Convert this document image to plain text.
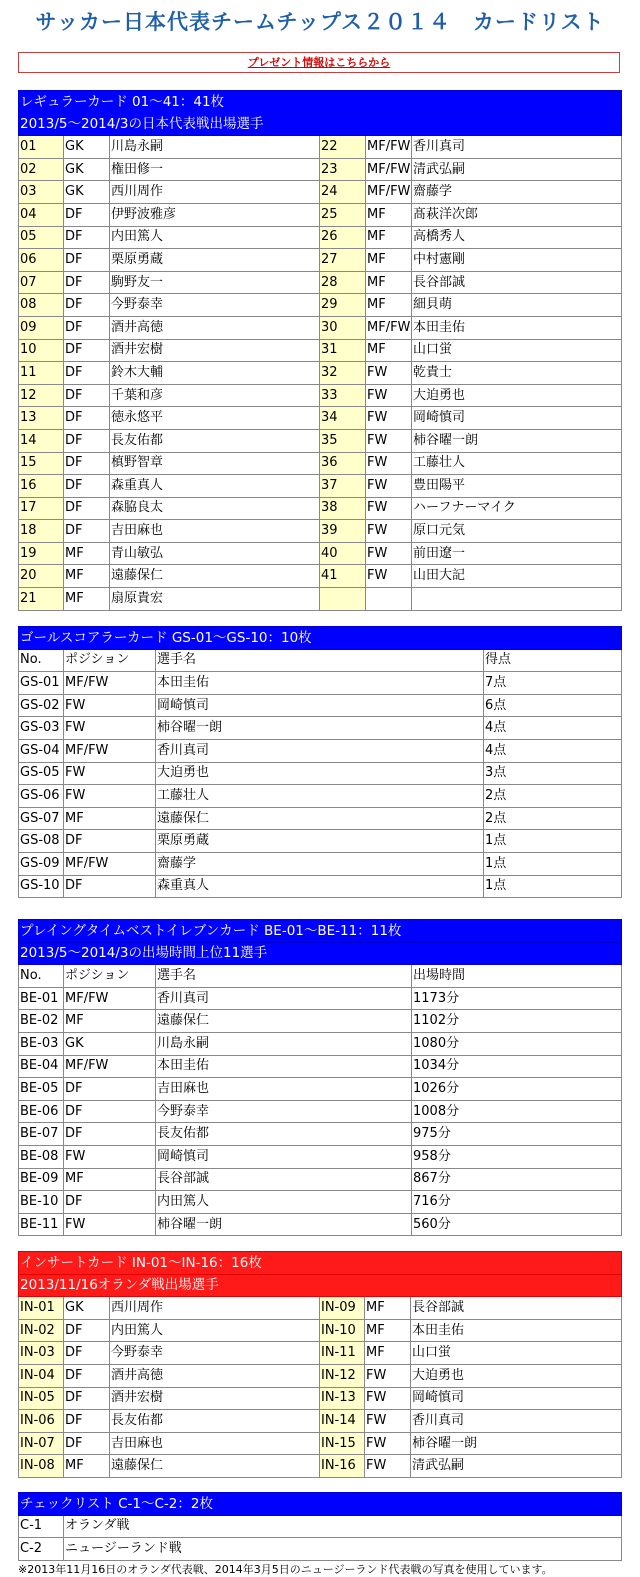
サッカー日本代表チームチップス２０１４　カードリスト
プレゼント情報はこちらから
レギュラーカード 01～41：41枚					
2013/5～2014/3の日本代表戦出場選手					
01	GK	川島永嗣	22	MF/FW	香川真司
02	GK	権田修一	23	MF/FW	清武弘嗣
03	GK	西川周作	24	MF/FW	齋藤学
04	DF	伊野波雅彦	25	MF	髙萩洋次郎
05	DF	内田篤人	26	MF	高橋秀人
06	DF	栗原勇蔵	27	MF	中村憲剛
07	DF	駒野友一	28	MF	長谷部誠
08	DF	今野泰幸	29	MF	細貝萌
09	DF	酒井高徳	30	MF/FW	本田圭佑
10	DF	酒井宏樹	31	MF	山口蛍
11	DF	鈴木大輔	32	FW	乾貴士
12	DF	千葉和彦	33	FW	大迫勇也
13	DF	徳永悠平	34	FW	岡崎慎司
14	DF	長友佑都	35	FW	柿谷曜一朗
15	DF	槙野智章	36	FW	工藤壮人
16	DF	森重真人	37	FW	豊田陽平
17	DF	森脇良太	38	FW	ハーフナーマイク
18	DF	吉田麻也	39	FW	原口元気
19	MF	青山敏弘	40	FW	前田遼一
20	MF	遠藤保仁	41	FW	山田大記
21	MF	扇原貴宏			
ゴールスコアラーカード GS-01～GS-10：10枚			
No.	ポジション	選手名	得点
GS-01	MF/FW	本田圭佑	7点
GS-02	FW	岡崎慎司	6点
GS-03	FW	柿谷曜一朗	4点
GS-04	MF/FW	香川真司	4点
GS-05	FW	大迫勇也	3点
GS-06	FW	工藤壮人	2点
GS-07	MF	遠藤保仁	2点
GS-08	DF	栗原勇蔵	1点
GS-09	MF/FW	齋藤学	1点
GS-10	DF	森重真人	1点
プレイングタイムベストイレブンカード BE-01～BE-11：11枚			
2013/5～2014/3の出場時間上位11選手			
No.	ポジション	選手名	出場時間
BE-01	MF/FW	香川真司	1173分
BE-02	MF	遠藤保仁	1102分
BE-03	GK	川島永嗣	1080分
BE-04	MF/FW	本田圭佑	1034分
BE-05	DF	吉田麻也	1026分
BE-06	DF	今野泰幸	1008分
BE-07	DF	長友佑都	975分
BE-08	FW	岡崎慎司	958分
BE-09	MF	長谷部誠	867分
BE-10	DF	内田篤人	716分
BE-11	FW	柿谷曜一朗	560分
インサートカード IN-01～IN-16：16枚					
2013/11/16オランダ戦出場選手					
IN-01	GK	西川周作	IN-09	MF	長谷部誠
IN-02	DF	内田篤人	IN-10	MF	本田圭佑
IN-03	DF	今野泰幸	IN-11	MF	山口蛍
IN-04	DF	酒井高徳	IN-12	FW	大迫勇也
IN-05	DF	酒井宏樹	IN-13	FW	岡崎慎司
IN-06	DF	長友佑都	IN-14	FW	香川真司
IN-07	DF	吉田麻也	IN-15	FW	柿谷曜一朗
IN-08	MF	遠藤保仁	IN-16	FW	清武弘嗣
チェックリスト C-1～C-2：2枚	
C-1	オランダ戦
C-2	ニュージーランド戦
※2013年11月16日のオランダ代表戦、2014年3月5日のニュージーランド代表戦の写真を使用しています。
